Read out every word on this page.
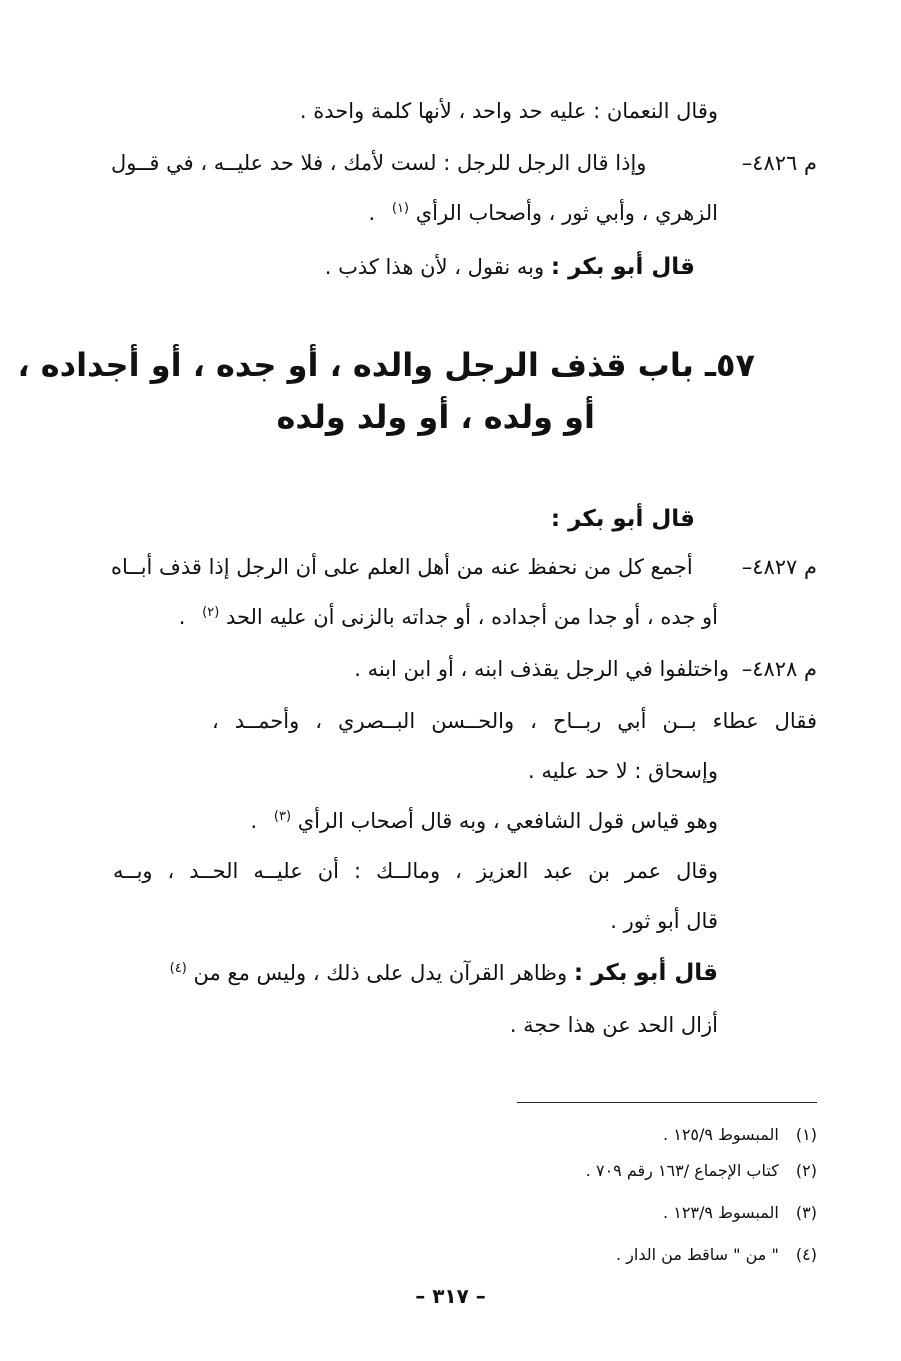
وقال النعمان : عليه حد واحد ، لأنها كلمة واحدة .
م ٤٨٢٦–
وإذا قال الرجل للرجل : لست لأمك ، فلا حد عليــه ، في قــول
الزهري ، وأبي ثور ، وأصحاب الرأي $^{(١)}$ .
قال أبو بكر : وبه نقول ، لأن هذا كذب .
٥٧ـ باب قذف الرجل والده ، أو جده ، أو أجداده ،
أو ولده ، أو ولد ولده
قال أبو بكر :
م ٤٨٢٧–
أجمع كل من نحفظ عنه من أهل العلم على أن الرجل إذا قذف أبــاه
أو جده ، أو جدا من أجداده ، أو جداته بالزنى أن عليه الحد $^{(٢)}$ .
م ٤٨٢٨– واختلفوا في الرجل يقذف ابنه ، أو ابن ابنه .
فقال عطاء بــن أبي ربــاح ، والحــسن البــصري ، وأحمــد ،
وإسحاق : لا حد عليه .
وهو قياس قول الشافعي ، وبه قال أصحاب الرأي $^{(٣)}$ .
وقال عمر بن عبد العزيز ، ومالــك : أن عليــه الحــد ، وبــه
قال أبو ثور .
قال أبو بكر : وظاهر القرآن يدل على ذلك ، وليس مع من $^{(٤)}$
أزال الحد عن هذا حجة .
(١) المبسوط ١٢٥/٩ .
(٢) كتاب الإجماع /١٦٣ رقم ٧٠٩ .
(٣) المبسوط ١٢٣/٩ .
(٤) " من " ساقط من الدار .
– ٣١٧ –
